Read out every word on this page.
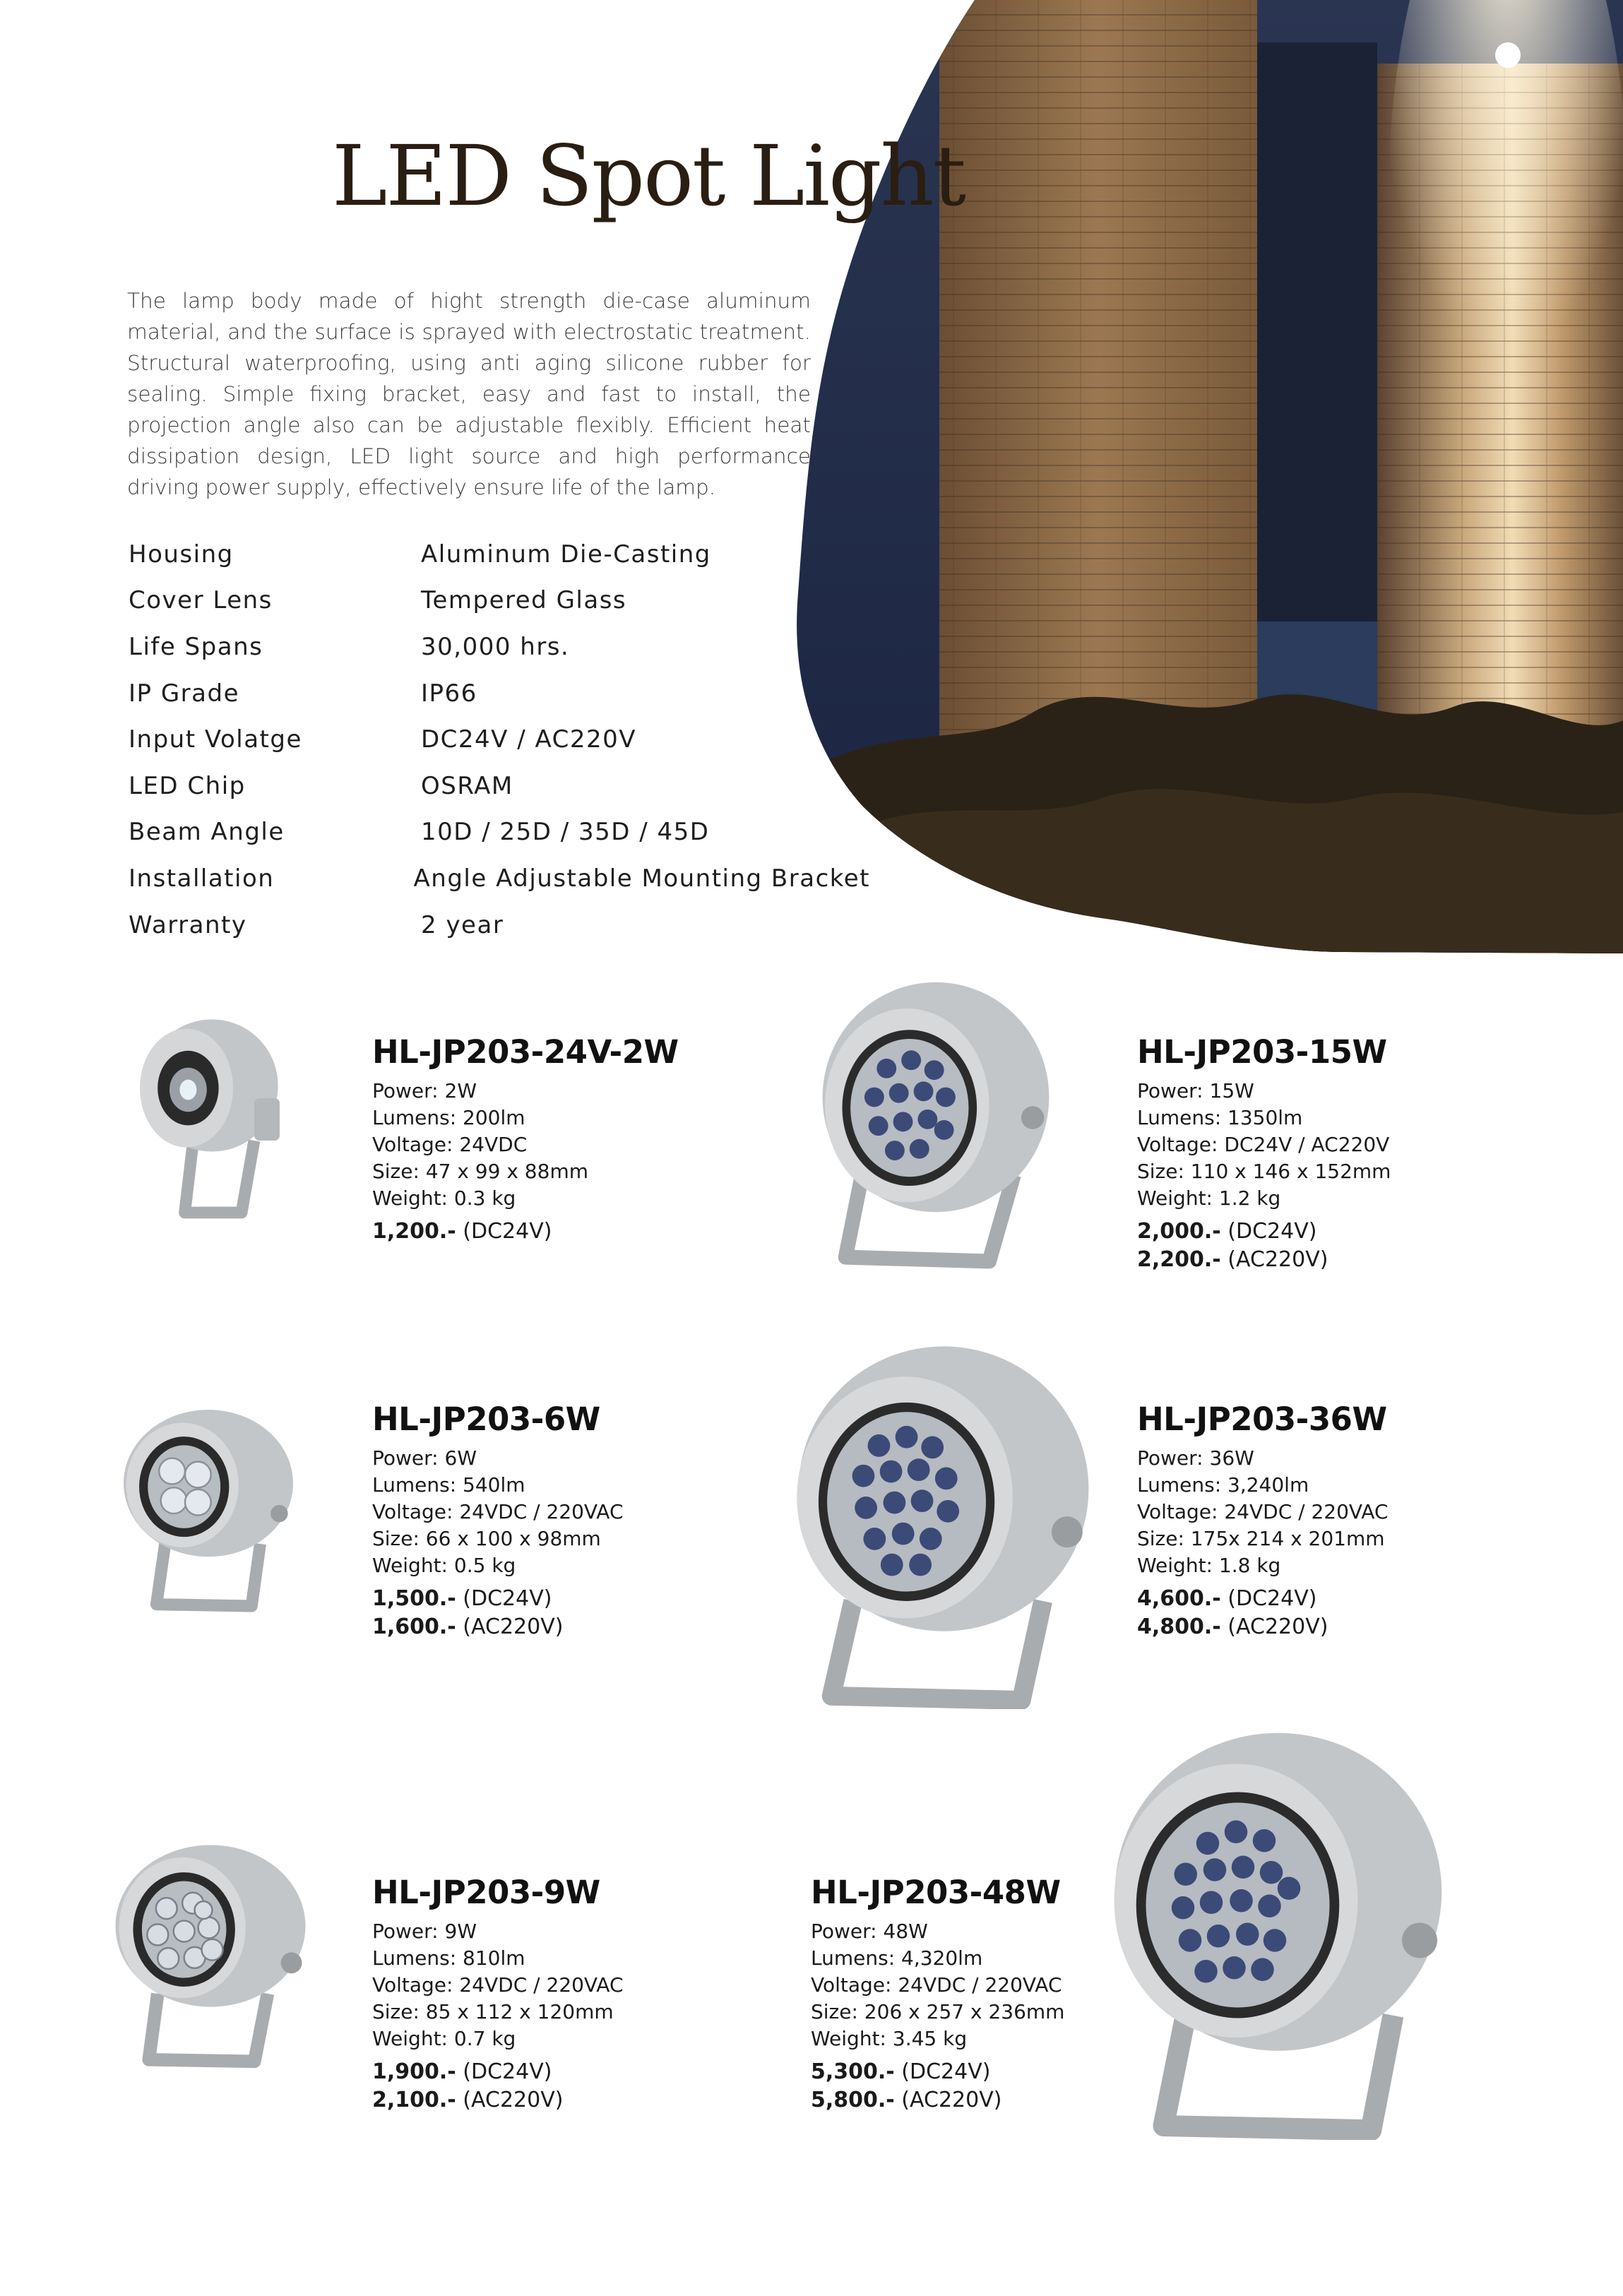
LED Spot Light

The lamp body made of hight strength die-case aluminum material, and the surface is sprayed with electrostatic treatment. Structural waterproofing, using anti aging silicone rubber for sealing. Simple fixing bracket, easy and fast to install, the projection angle also can be adjustable flexibly. Efficient heat dissipation design, LED light source and high performance driving power supply, effectively ensure life of the lamp.

Housing	Aluminum Die-Casting
Cover Lens	Tempered Glass
Life Spans	30,000 hrs.
IP Grade	IP66
Input Volatge	DC24V / AC220V
LED Chip	OSRAM
Beam Angle	10D / 25D / 35D / 45D
Installation	Angle Adjustable Mounting Bracket
Warranty	2 year
HL-JP203-24V-2W
Power: 2W
Lumens: 200lm
Voltage: 24VDC
Size: 47 x 99 x 88mm
Weight: 0.3 kg
1,200.- (DC24V)
HL-JP203-15W
Power: 15W
Lumens: 1350lm
Voltage: DC24V / AC220V
Size: 110 x 146 x 152mm
Weight: 1.2 kg
2,000.- (DC24V)
2,200.- (AC220V)
HL-JP203-6W
Power: 6W
Lumens: 540lm
Voltage: 24VDC / 220VAC
Size: 66 x 100 x 98mm
Weight: 0.5 kg
1,500.- (DC24V)
1,600.- (AC220V)
HL-JP203-36W
Power: 36W
Lumens: 3,240lm
Voltage: 24VDC / 220VAC
Size: 175x 214 x 201mm
Weight: 1.8 kg
4,600.- (DC24V)
4,800.- (AC220V)
HL-JP203-9W
Power: 9W
Lumens: 810lm
Voltage: 24VDC / 220VAC
Size: 85 x 112 x 120mm
Weight: 0.7 kg
1,900.- (DC24V)
2,100.- (AC220V)
HL-JP203-48W
Power: 48W
Lumens: 4,320lm
Voltage: 24VDC / 220VAC
Size: 206 x 257 x 236mm
Weight: 3.45 kg
5,300.- (DC24V)
5,800.- (AC220V)
